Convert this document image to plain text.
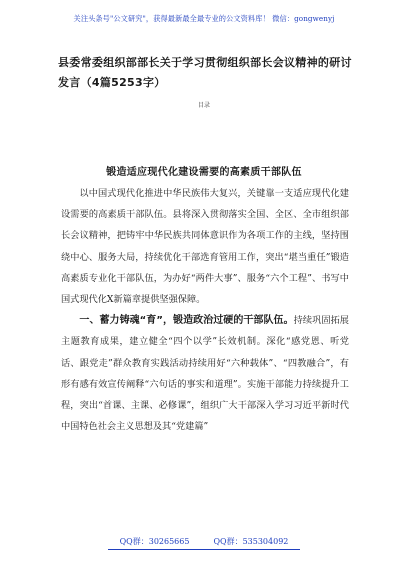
关注头条号"公文研究"，获得最新最全最专业的公文资料库！ 微信：gongwenyj
县委常委组织部部长关于学习贯彻组织部长会议精神的研讨发言（4篇5253字）
目录
锻造适应现代化建设需要的高素质干部队伍

以中国式现代化推进中华民族伟大复兴，关键靠一支适应现代化建设需要的高素质干部队伍。县将深入贯彻落实全国、全区、全市组织部长会议精神，把铸牢中华民族共同体意识作为各项工作的主线，坚持围绕中心、服务大局，持续优化干部选育管用工作，突出“堪当重任”锻造高素质专业化干部队伍，为办好“两件大事”、服务“六个工程”、书写中国式现代化X新篇章提供坚强保障。

一、蓄力铸魂“育”，锻造政治过硬的干部队伍。持续巩固拓展主题教育成果，建立健全“四个以学”长效机制。深化“感党恩、听党话、跟党走”群众教育实践活动持续用好“六种载体”、“四教融合”，有形有感有效宣传阐释“六句话的事实和道理”。实施干部能力持续提升工程，突出“首课、主课、必修课”，组织广大干部深入学习习近平新时代中国特色社会主义思想及其“党建篇”

QQ群：30265665	QQ群：535304092
